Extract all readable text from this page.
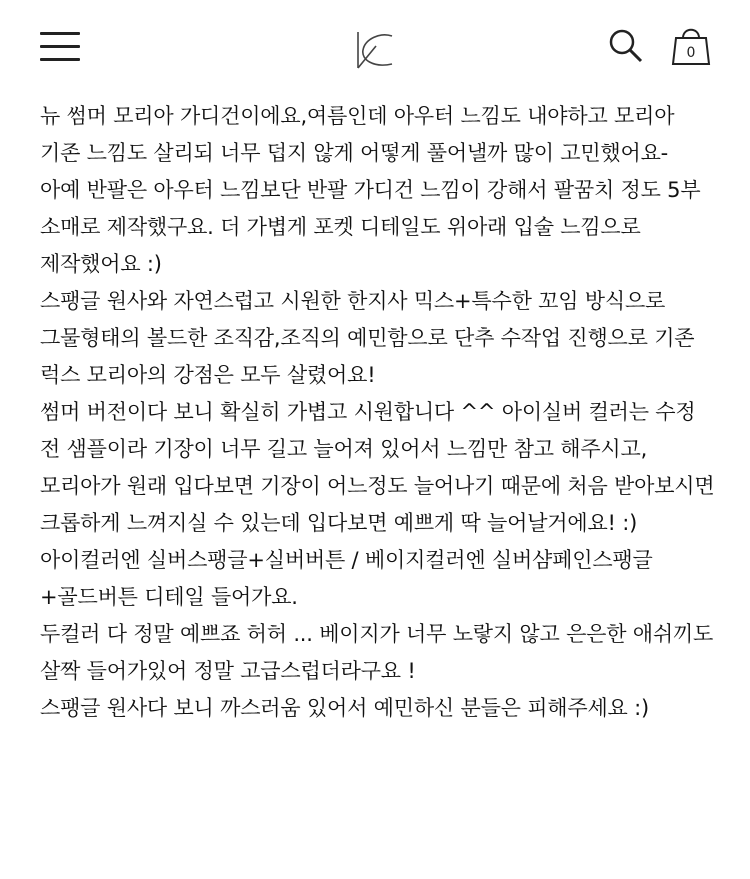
0

뉴 썸머 모리아 가디건이에요,여름인데 아우터 느낌도 내야하고 모리아 기존 느낌도 살리되 너무 덥지 않게 어떻게 풀어낼까 많이 고민했어요-

아예 반팔은 아우터 느낌보단 반팔 가디건 느낌이 강해서 팔꿈치 정도 5부 소매로 제작했구요. 더 가볍게 포켓 디테일도 위아래 입술 느낌으로 제작했어요 :)

스팽글 원사와 자연스럽고 시원한 한지사 믹스+특수한 꼬임 방식으로 그물형태의 볼드한 조직감,조직의 예민함으로 단추 수작업 진행으로 기존 럭스 모리아의 강점은 모두 살렸어요!

썸머 버전이다 보니 확실히 가볍고 시원합니다 ^^ 아이실버 컬러는 수정 전 샘플이라 기장이 너무 길고 늘어져 있어서 느낌만 참고 해주시고,

모리아가 원래 입다보면 기장이 어느정도 늘어나기 때문에 처음 받아보시면 크롭하게 느껴지실 수 있는데 입다보면 예쁘게 딱 늘어날거에요! :)

아이컬러엔 실버스팽글+실버버튼 / 베이지컬러엔 실버샴페인스팽글+골드버튼 디테일 들어가요.

두컬러 다 정말 예쁘죠 허허 ... 베이지가 너무 노랗지 않고 은은한 애쉬끼도 살짝 들어가있어 정말 고급스럽더라구요 !

스팽글 원사다 보니 까스러움 있어서 예민하신 분들은 피해주세요 :)
